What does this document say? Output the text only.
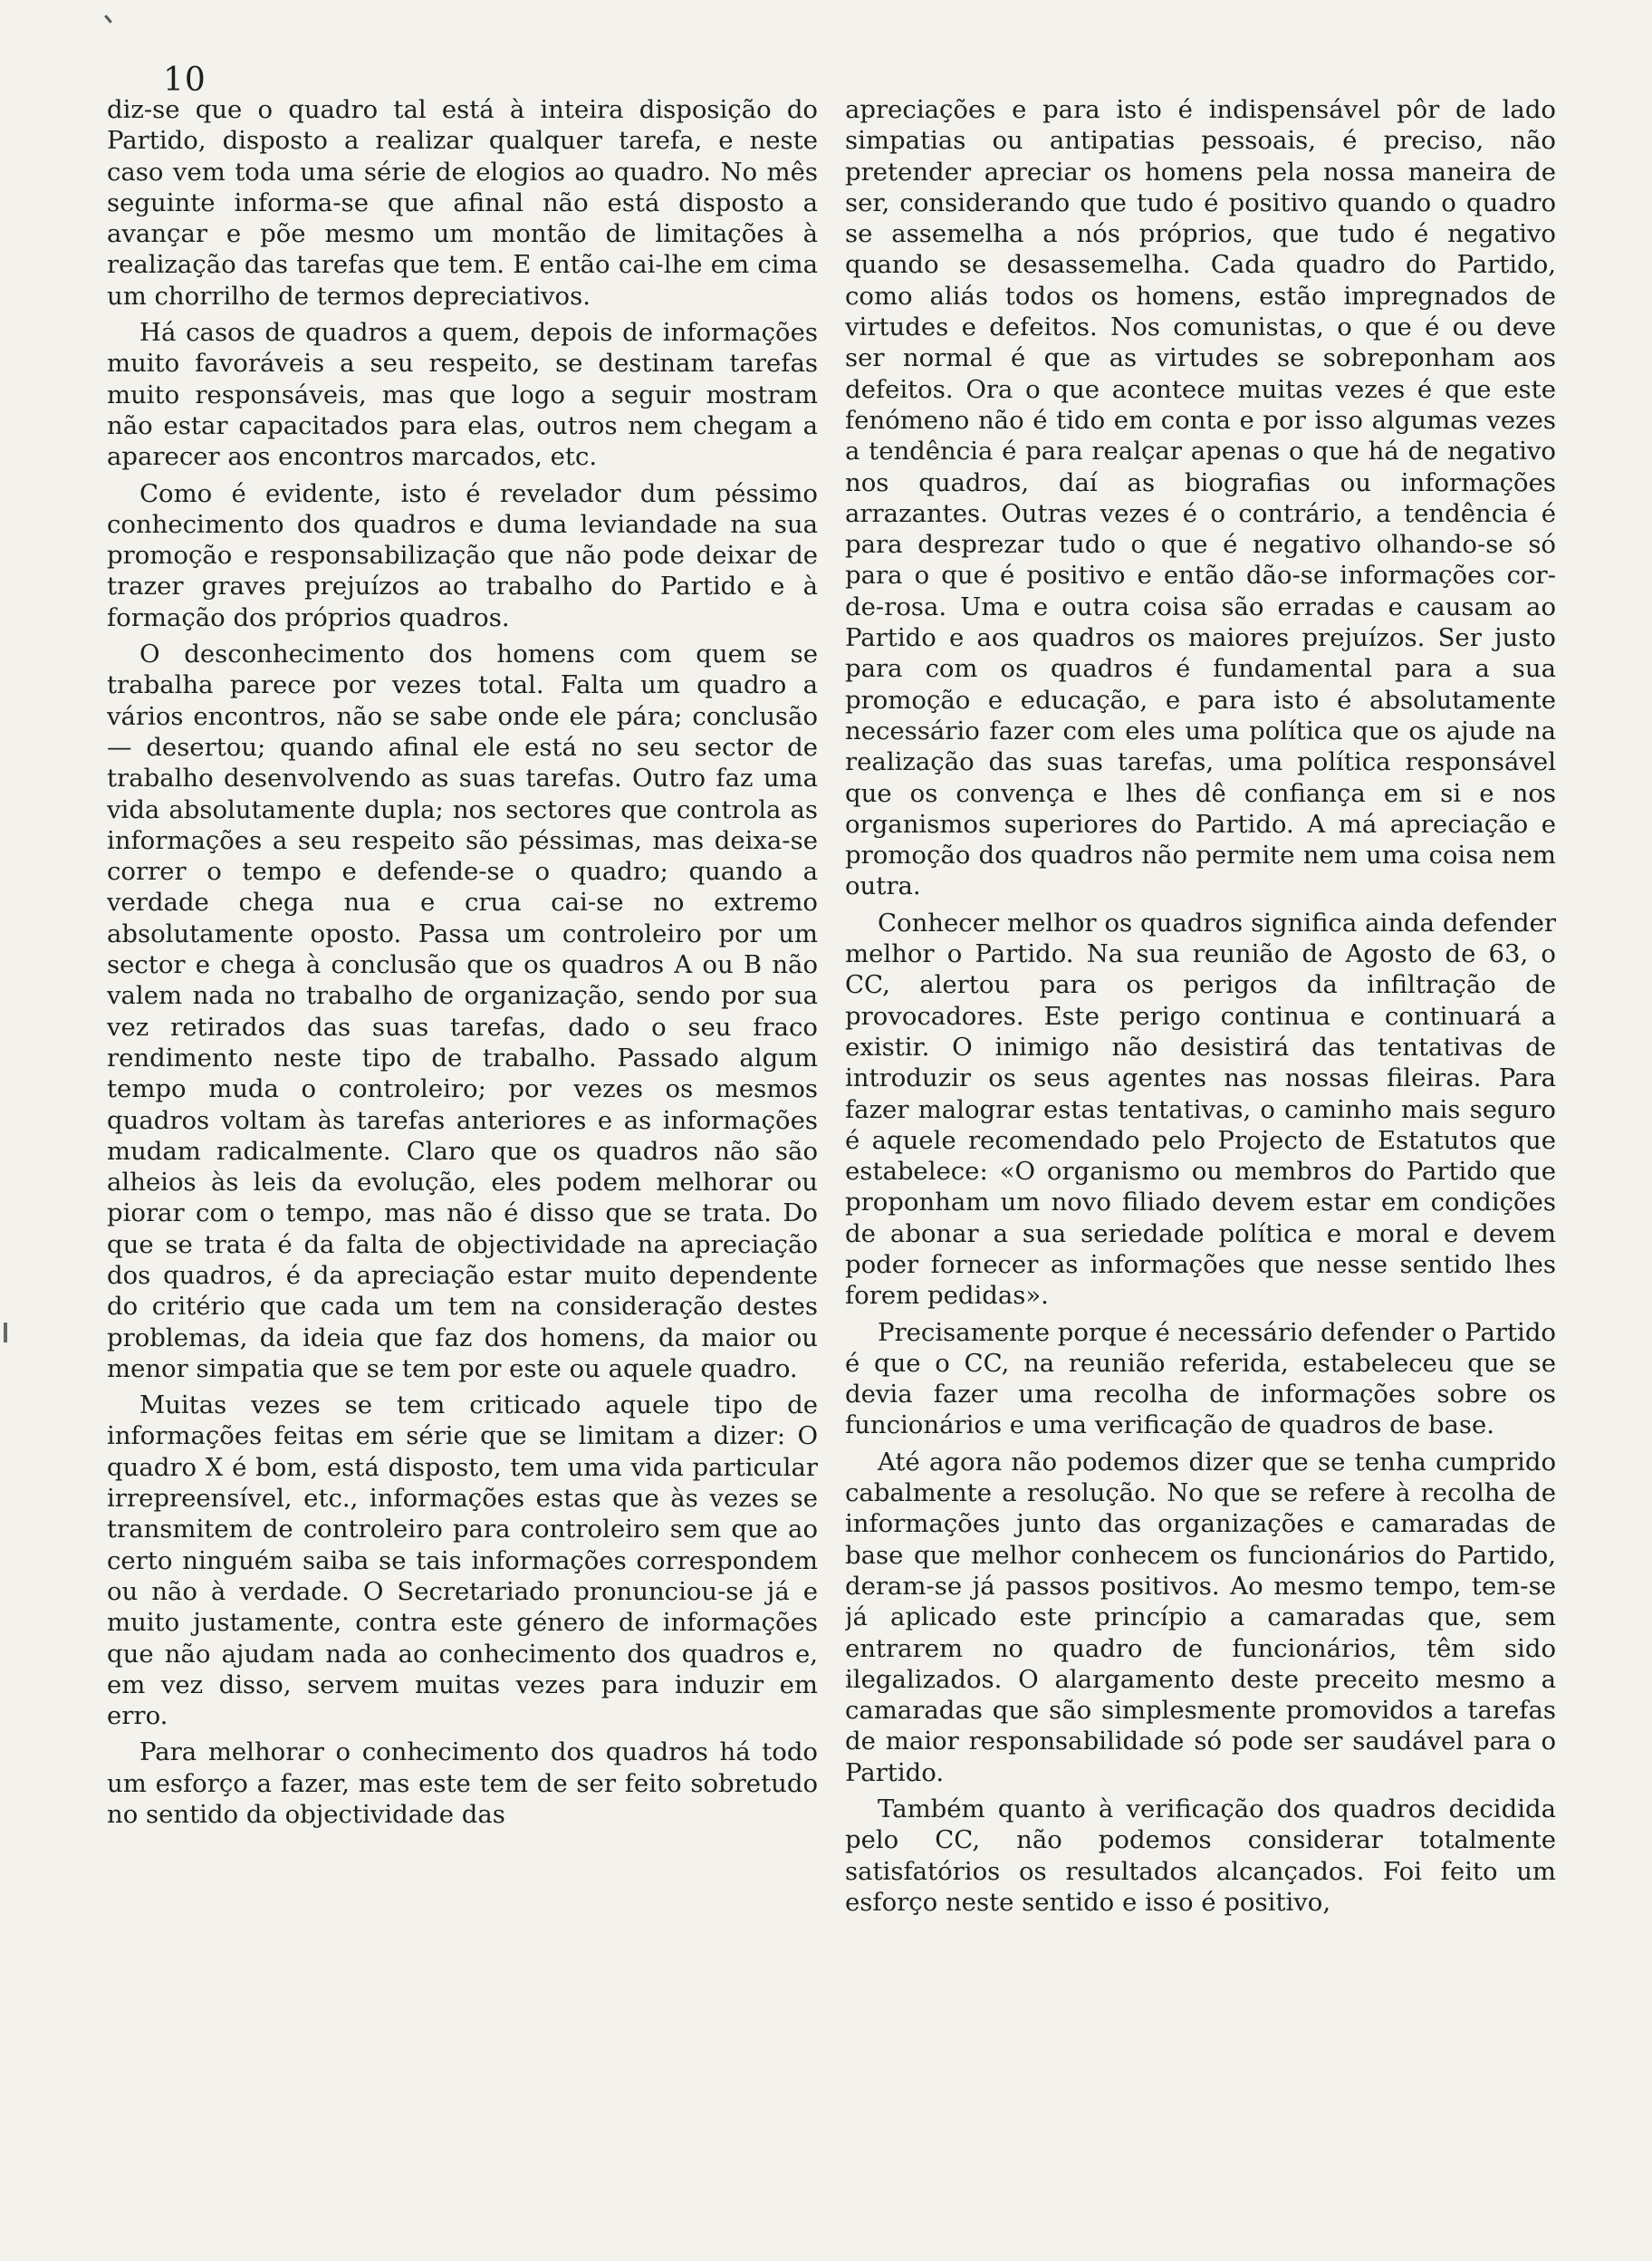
10

diz-se que o quadro tal está à inteira disposição do Partido, disposto a realizar qualquer tarefa, e neste caso vem toda uma série de elogios ao quadro. No mês seguinte informa-se que afinal não está disposto a avançar e põe mesmo um montão de limitações à realização das tarefas que tem. E então cai-lhe em cima um chorrilho de termos depreciativos.

Há casos de quadros a quem, depois de informações muito favoráveis a seu respeito, se destinam tarefas muito responsáveis, mas que logo a seguir mostram não estar capacitados para elas, outros nem chegam a aparecer aos encontros marcados, etc.

Como é evidente, isto é revelador dum péssimo conhecimento dos quadros e duma leviandade na sua promoção e responsabilização que não pode deixar de trazer graves prejuízos ao trabalho do Partido e à formação dos próprios quadros.

O desconhecimento dos homens com quem se trabalha parece por vezes total. Falta um quadro a vários encontros, não se sabe onde ele pára; conclusão — desertou; quando afinal ele está no seu sector de trabalho desenvolvendo as suas tarefas. Outro faz uma vida absolutamente dupla; nos sectores que controla as informações a seu respeito são péssimas, mas deixa-se correr o tempo e defende-se o quadro; quando a verdade chega nua e crua cai-se no extremo absolutamente oposto. Passa um controleiro por um sector e chega à conclusão que os quadros A ou B não valem nada no trabalho de organização, sendo por sua vez retirados das suas tarefas, dado o seu fraco rendimento neste tipo de trabalho. Passado algum tempo muda o controleiro; por vezes os mesmos quadros voltam às tarefas anteriores e as informações mudam radicalmente. Claro que os quadros não são alheios às leis da evolução, eles podem melhorar ou piorar com o tempo, mas não é disso que se trata. Do que se trata é da falta de objectividade na apreciação dos quadros, é da apreciação estar muito dependente do critério que cada um tem na consideração destes problemas, da ideia que faz dos homens, da maior ou menor simpatia que se tem por este ou aquele quadro.

Muitas vezes se tem criticado aquele tipo de informações feitas em série que se limitam a dizer: O quadro X é bom, está disposto, tem uma vida particular irrepreensível, etc., informações estas que às vezes se transmitem de controleiro para controleiro sem que ao certo ninguém saiba se tais informações correspondem ou não à verdade. O Secretariado pronunciou-se já e muito justamente, contra este género de informações que não ajudam nada ao conhecimento dos quadros e, em vez disso, servem muitas vezes para induzir em erro.

Para melhorar o conhecimento dos quadros há todo um esforço a fazer, mas este tem de ser feito sobretudo no sentido da objectividade das

apreciações e para isto é indispensável pôr de lado simpatias ou antipatias pessoais, é preciso, não pretender apreciar os homens pela nossa maneira de ser, considerando que tudo é positivo quando o quadro se assemelha a nós próprios, que tudo é negativo quando se desassemelha. Cada quadro do Partido, como aliás todos os homens, estão impregnados de virtudes e defeitos. Nos comunistas, o que é ou deve ser normal é que as virtudes se sobreponham aos defeitos. Ora o que acontece muitas vezes é que este fenómeno não é tido em conta e por isso algumas vezes a tendência é para realçar apenas o que há de negativo nos quadros, daí as biografias ou informações arrazantes. Outras vezes é o contrário, a tendência é para desprezar tudo o que é negativo olhando-se só para o que é positivo e então dão-se informações cor-de-rosa. Uma e outra coisa são erradas e causam ao Partido e aos quadros os maiores prejuízos. Ser justo para com os quadros é fundamental para a sua promoção e educação, e para isto é absolutamente necessário fazer com eles uma política que os ajude na realização das suas tarefas, uma política responsável que os convença e lhes dê confiança em si e nos organismos superiores do Partido. A má apreciação e promoção dos quadros não permite nem uma coisa nem outra.

Conhecer melhor os quadros significa ainda defender melhor o Partido. Na sua reunião de Agosto de 63, o CC, alertou para os perigos da infiltração de provocadores. Este perigo continua e continuará a existir. O inimigo não desistirá das tentativas de introduzir os seus agentes nas nossas fileiras. Para fazer malograr estas tentativas, o caminho mais seguro é aquele recomendado pelo Projecto de Estatutos que estabelece: «O organismo ou membros do Partido que proponham um novo filiado devem estar em condições de abonar a sua seriedade política e moral e devem poder fornecer as informações que nesse sentido lhes forem pedidas».

Precisamente porque é necessário defender o Partido é que o CC, na reunião referida, estabeleceu que se devia fazer uma recolha de informações sobre os funcionários e uma verificação de quadros de base.

Até agora não podemos dizer que se tenha cumprido cabalmente a resolução. No que se refere à recolha de informações junto das organizações e camaradas de base que melhor conhecem os funcionários do Partido, deram-se já passos positivos. Ao mesmo tempo, tem-se já aplicado este princípio a camaradas que, sem entrarem no quadro de funcionários, têm sido ilegalizados. O alargamento deste preceito mesmo a camaradas que são simplesmente promovidos a tarefas de maior responsabilidade só pode ser saudável para o Partido.

Também quanto à verificação dos quadros decidida pelo CC, não podemos considerar totalmente satisfatórios os resultados alcançados. Foi feito um esforço neste sentido e isso é positivo,
